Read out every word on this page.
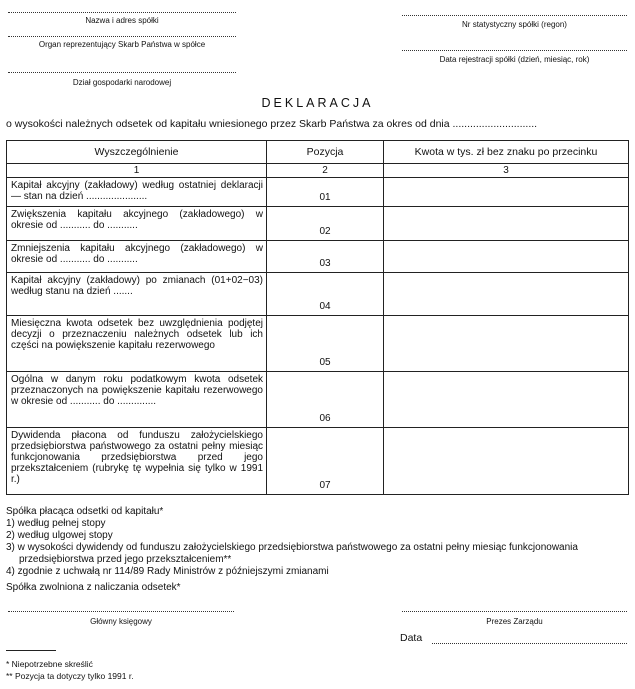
Nazwa i adres spółki
Organ reprezentujący Skarb Państwa w spółce
Dział gospodarki narodowej
Nr statystyczny spółki (regon)
Data rejestracji spółki (dzień, miesiąc, rok)
DEKLARACJA
o wysokości należnych odsetek od kapitału wniesionego przez Skarb Państwa za okres od dnia .............................
Wyszczególnienie	Pozycja	Kwota w tys. zł bez znaku po przecinku
1	2	3
Kapitał akcyjny (zakładowy) według ostatniej deklaracji — stan na dzień ......................	01	
Zwiększenia kapitału akcyjnego (zakładowego) w okresie od ........... do ...........	02	
Zmniejszenia kapitału akcyjnego (zakładowego) w okresie od ........... do ...........	03	
Kapitał akcyjny (zakładowy) po zmianach (01+02−03) według stanu na dzień .......	04	
Miesięczna kwota odsetek bez uwzględnienia podjętej decyzji o przeznaczeniu należnych odsetek lub ich części na powiększenie kapitału rezerwowego	05	
Ogólna w danym roku podatkowym kwota odsetek przeznaczonych na powiększenie kapitału rezerwowego w okresie od ........... do ..............	06	
Dywidenda płacona od funduszu założycielskiego przedsiębiorstwa państwowego za ostatni pełny miesiąc funkcjonowania przedsiębiorstwa przed jego przekształceniem (rubrykę tę wypełnia się tylko w 1991 r.)	07	
Spółka płacąca odsetki od kapitału*
1) według pełnej stopy
2) według ulgowej stopy
3) w wysokości dywidendy od funduszu założycielskiego przedsiębiorstwa państwowego za ostatni pełny miesiąc funkcjonowania przedsiębiorstwa przed jego przekształceniem**
4) zgodnie z uchwałą nr 114/89 Rady Ministrów z późniejszymi zmianami
Spółka zwolniona z naliczania odsetek*
Główny księgowy	Prezes Zarządu
Data
* Niepotrzebne skreślić
** Pozycja ta dotyczy tylko 1991 r.
